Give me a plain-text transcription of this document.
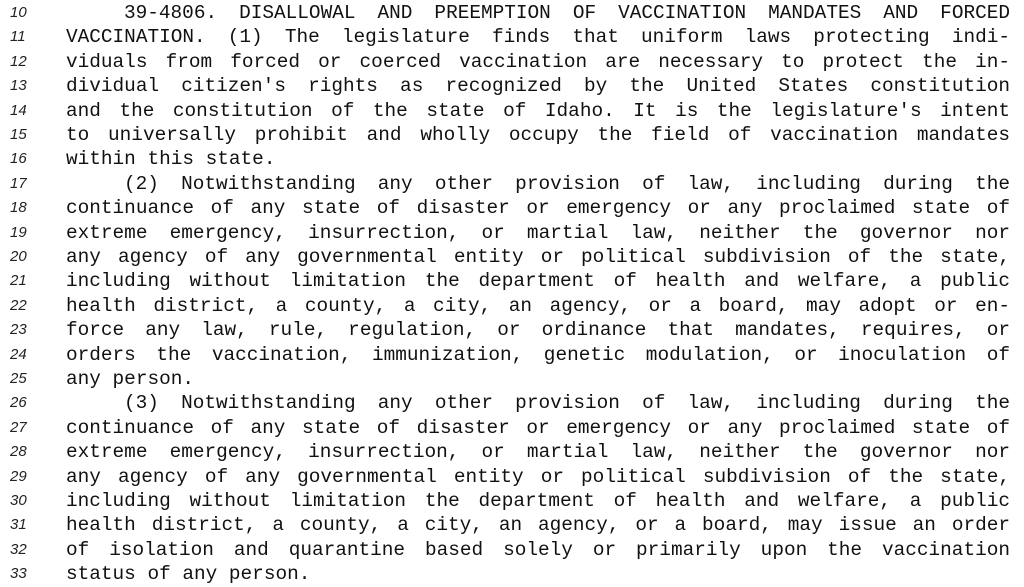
10	39-4806. DISALLOWAL AND PREEMPTION OF VACCINATION MANDATES AND FORCED
11 VACCINATION. (1) The legislature finds that uniform laws protecting indi-
12 viduals from forced or coerced vaccination are necessary to protect the in-
13 dividual citizen's rights as recognized by the United States constitution
14 and the constitution of the state of Idaho. It is the legislature's intent
15 to universally prohibit and wholly occupy the field of vaccination mandates
16 within this state.
17	(2) Notwithstanding any other provision of law, including during the
18 continuance of any state of disaster or emergency or any proclaimed state of
19 extreme emergency, insurrection, or martial law, neither the governor nor
20 any agency of any governmental entity or political subdivision of the state,
21 including without limitation the department of health and welfare, a public
22 health district, a county, a city, an agency, or a board, may adopt or en-
23 force any law, rule, regulation, or ordinance that mandates, requires, or
24 orders the vaccination, immunization, genetic modulation, or inoculation of
25 any person.
26	(3) Notwithstanding any other provision of law, including during the
27 continuance of any state of disaster or emergency or any proclaimed state of
28 extreme emergency, insurrection, or martial law, neither the governor nor
29 any agency of any governmental entity or political subdivision of the state,
30 including without limitation the department of health and welfare, a public
31 health district, a county, a city, an agency, or a board, may issue an order
32 of isolation and quarantine based solely or primarily upon the vaccination
33 status of any person.
